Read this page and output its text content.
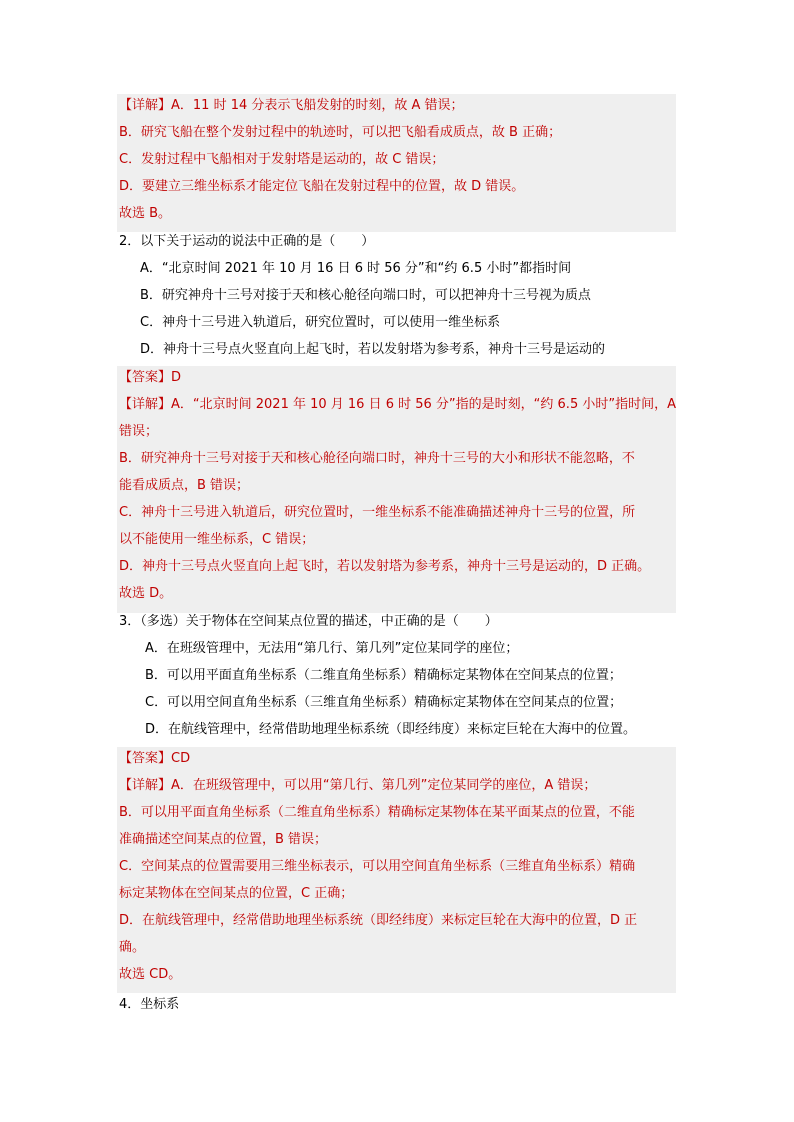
【详解】A．11 时 14 分表示飞船发射的时刻，故 A 错误；
B．研究飞船在整个发射过程中的轨迹时，可以把飞船看成质点，故 B 正确；
C．发射过程中飞船相对于发射塔是运动的，故 C 错误；
D．要建立三维坐标系才能定位飞船在发射过程中的位置，故 D 错误。
故选 B。
2．以下关于运动的说法中正确的是（　　）
A．“北京时间 2021 年 10 月 16 日 6 时 56 分”和“约 6.5 小时”都指时间
B．研究神舟十三号对接于天和核心舱径向端口时，可以把神舟十三号视为质点
C．神舟十三号进入轨道后，研究位置时，可以使用一维坐标系
D．神舟十三号点火竖直向上起飞时，若以发射塔为参考系，神舟十三号是运动的
【答案】D
【详解】A．“北京时间 2021 年 10 月 16 日 6 时 56 分”指的是时刻，“约 6.5 小时”指时间，A
错误；
B．研究神舟十三号对接于天和核心舱径向端口时，神舟十三号的大小和形状不能忽略，不
能看成质点，B 错误；
C．神舟十三号进入轨道后，研究位置时，一维坐标系不能准确描述神舟十三号的位置，所
以不能使用一维坐标系，C 错误；
D．神舟十三号点火竖直向上起飞时，若以发射塔为参考系，神舟十三号是运动的，D 正确。
故选 D。
3．（多选）关于物体在空间某点位置的描述，中正确的是（　　）
A．在班级管理中，无法用“第几行、第几列”定位某同学的座位；
B．可以用平面直角坐标系（二维直角坐标系）精确标定某物体在空间某点的位置；
C．可以用空间直角坐标系（三维直角坐标系）精确标定某物体在空间某点的位置；
D．在航线管理中，经常借助地理坐标系统（即经纬度）来标定巨轮在大海中的位置。
【答案】CD
【详解】A．在班级管理中，可以用“第几行、第几列”定位某同学的座位，A 错误；
B．可以用平面直角坐标系（二维直角坐标系）精确标定某物体在某平面某点的位置，不能
准确描述空间某点的位置，B 错误；
C．空间某点的位置需要用三维坐标表示，可以用空间直角坐标系（三维直角坐标系）精确
标定某物体在空间某点的位置，C 正确；
D．在航线管理中，经常借助地理坐标系统（即经纬度）来标定巨轮在大海中的位置，D 正
确。
故选 CD。
4．坐标系
